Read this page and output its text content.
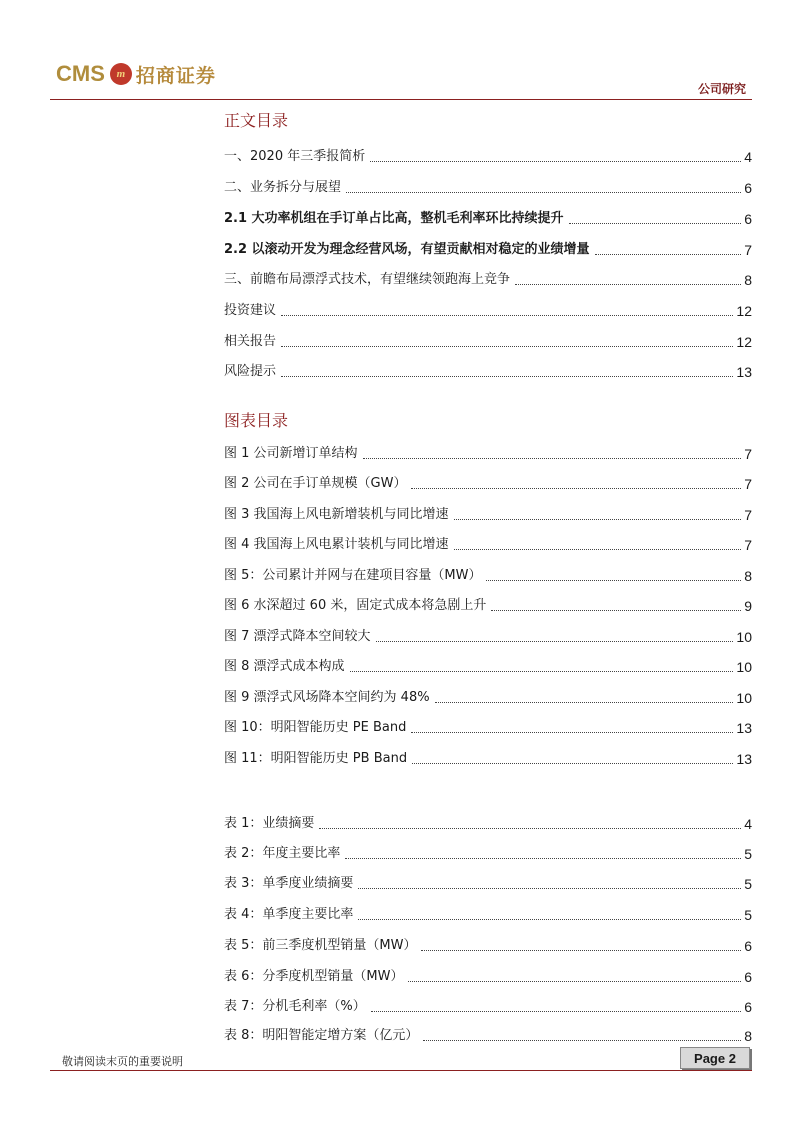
CMS m 招商证券
公司研究
正文目录
一、2020 年三季报简析	4
二、业务拆分与展望	6
2.1 大功率机组在手订单占比高，整机毛利率环比持续提升	6
2.2 以滚动开发为理念经营风场，有望贡献相对稳定的业绩增量	7
三、前瞻布局漂浮式技术，有望继续领跑海上竞争	8
投资建议	12
相关报告	12
风险提示	13
图表目录
图 1 公司新增订单结构	7
图 2 公司在手订单规模（GW）	7
图 3 我国海上风电新增装机与同比增速	7
图 4 我国海上风电累计装机与同比增速	7
图 5：公司累计并网与在建项目容量（MW）	8
图 6 水深超过 60 米，固定式成本将急剧上升	9
图 7 漂浮式降本空间较大	10
图 8 漂浮式成本构成	10
图 9 漂浮式风场降本空间约为 48%	10
图 10：明阳智能历史 PE Band	13
图 11：明阳智能历史 PB Band	13
表 1：业绩摘要	4
表 2：年度主要比率	5
表 3：单季度业绩摘要	5
表 4：单季度主要比率	5
表 5：前三季度机型销量（MW）	6
表 6：分季度机型销量（MW）	6
表 7：分机毛利率（%）	6
表 8：明阳智能定增方案（亿元）	8
敬请阅读末页的重要说明	Page 2
